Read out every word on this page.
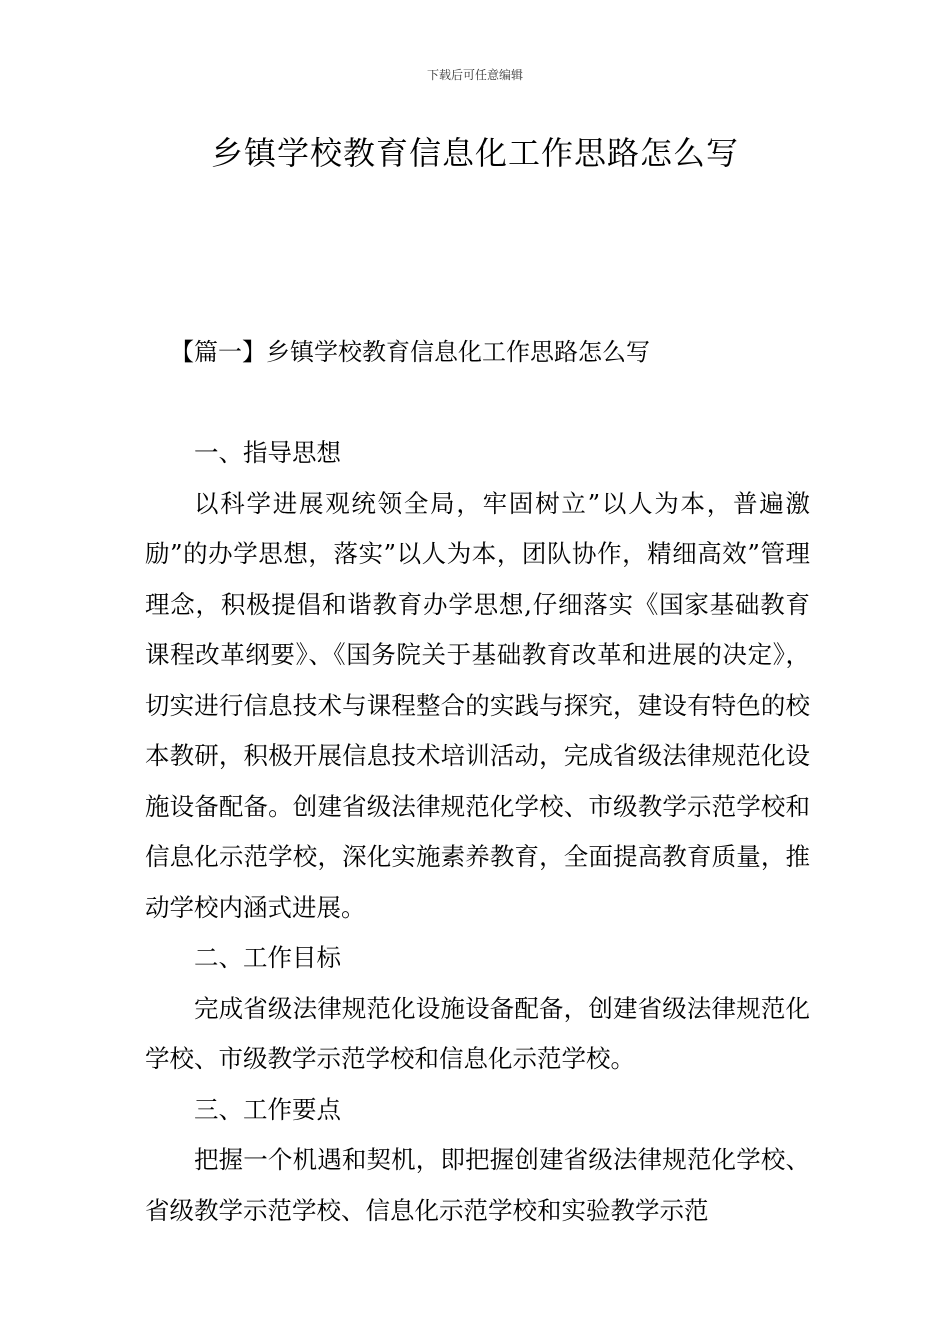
下载后可任意编辑
乡镇学校教育信息化工作思路怎么写
【篇一】乡镇学校教育信息化工作思路怎么写

一、指导思想

以科学进展观统领全局，牢固树立”以人为本，普遍激励”的办学思想，落实”以人为本，团队协作，精细高效”管理理念，积极提倡和谐教育办学思想,仔细落实《国家基础教育课程改革纲要》、《国务院关于基础教育改革和进展的决定》，切实进行信息技术与课程整合的实践与探究，建设有特色的校本教研，积极开展信息技术培训活动，完成省级法律规范化设施设备配备。创建省级法律规范化学校、市级教学示范学校和信息化示范学校，深化实施素养教育，全面提高教育质量，推动学校内涵式进展。

二、工作目标

完成省级法律规范化设施设备配备，创建省级法律规范化学校、市级教学示范学校和信息化示范学校。

三、工作要点

把握一个机遇和契机，即把握创建省级法律规范化学校、省级教学示范学校、信息化示范学校和实验教学示范
